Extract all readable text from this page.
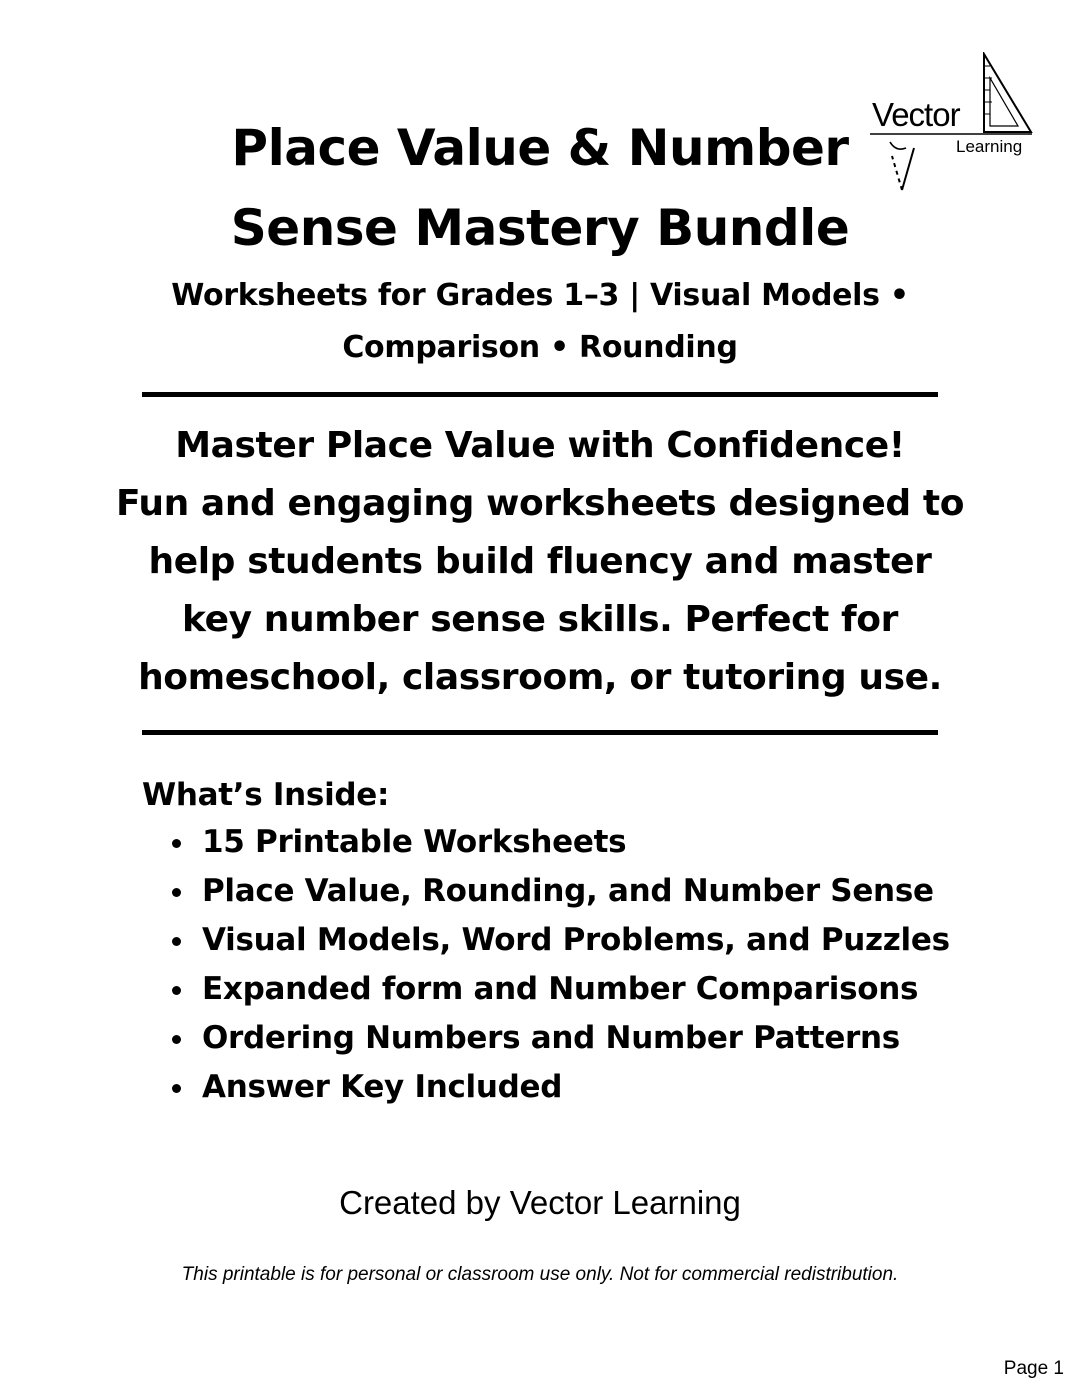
Vector
Learning
Place Value & Number
Sense Mastery Bundle
Worksheets for Grades 1–3 | Visual Models •
Comparison • Rounding
Master Place Value with Confidence!
Fun and engaging worksheets designed to
help students build fluency and master
key number sense skills. Perfect for
homeschool, classroom, or tutoring use.
What’s Inside:
15 Printable Worksheets
Place Value, Rounding, and Number Sense
Visual Models, Word Problems, and Puzzles
Expanded form and Number Comparisons
Ordering Numbers and Number Patterns
Answer Key Included
Created by Vector Learning
This printable is for personal or classroom use only. Not for commercial redistribution.
Page 1
